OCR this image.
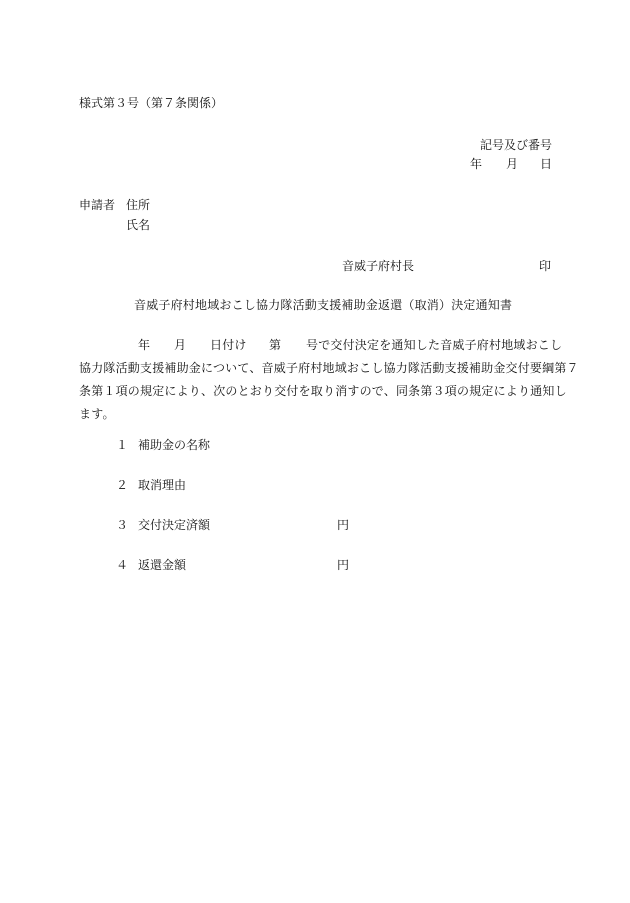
様式第３号（第７条関係）
記号及び番号
年 月 日
申請者 住所
氏名
音威子府村長	印
音威子府村地域おこし協力隊活動支援補助金返還（取消）決定通知書
年 月 日付け 第 号で交付決定を通知した音威子府村地域おこし
協力隊活動支援補助金について、音威子府村地域おこし協力隊活動支援補助金交付要綱第７
条第１項の規定により、次のとおり交付を取り消すので、同条第３項の規定により通知し
ます。
１ 補助金の名称
２ 取消理由
３ 交付決定済額	円
４ 返還金額	円
